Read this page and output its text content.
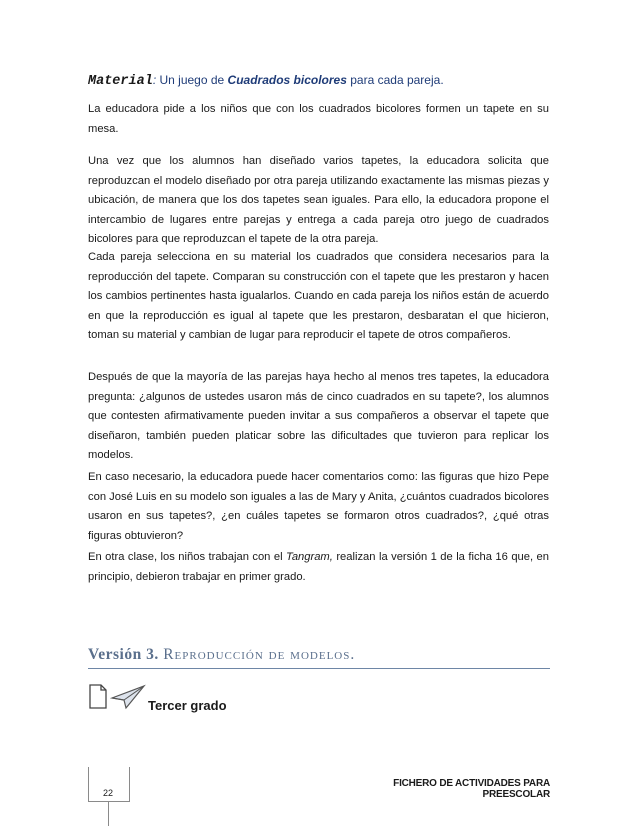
Material: Un juego de Cuadrados bicolores para cada pareja.

La educadora pide a los niños que con los cuadrados bicolores formen un tapete en su mesa.

Una vez que los alumnos han diseñado varios tapetes, la educadora solicita que reproduzcan el modelo diseñado por otra pareja utilizando exactamente las mismas piezas y ubicación, de manera que los dos tapetes sean iguales. Para ello, la educadora propone el intercambio de lugares entre parejas y entrega a cada pareja otro juego de cuadrados bicolores para que reproduzcan el tapete de la otra pareja.

Cada pareja selecciona en su material los cuadrados que considera necesarios para la reproducción del tapete. Comparan su construcción con el tapete que les prestaron y hacen los cambios pertinentes hasta igualarlos. Cuando en cada pareja los niños están de acuerdo en que la reproducción es igual al tapete que les prestaron, desbaratan el que hicieron, toman su material y cambian de lugar para reproducir el tapete de otros compañeros.

Después de que la mayoría de las parejas haya hecho al menos tres tapetes, la educadora pregunta: ¿algunos de ustedes usaron más de cinco cuadrados en su tapete?, los alumnos que contesten afirmativamente pueden invitar a sus compañeros a observar el tapete que diseñaron, también pueden platicar sobre las dificultades que tuvieron para replicar los modelos.

En caso necesario, la educadora puede hacer comentarios como: las figuras que hizo Pepe con José Luis en su modelo son iguales a las de Mary y Anita, ¿cuántos cuadrados bicolores usaron en sus tapetes?, ¿en cuáles tapetes se formaron otros cuadrados?, ¿qué otras figuras obtuvieron?

En otra clase, los niños trabajan con el Tangram, realizan la versión 1 de la ficha 16 que, en principio, debieron trabajar en primer grado.

Versión 3. Reproducción de modelos.
Tercer grado
22
FICHERO DE ACTIVIDADES PARA PREESCOLAR
